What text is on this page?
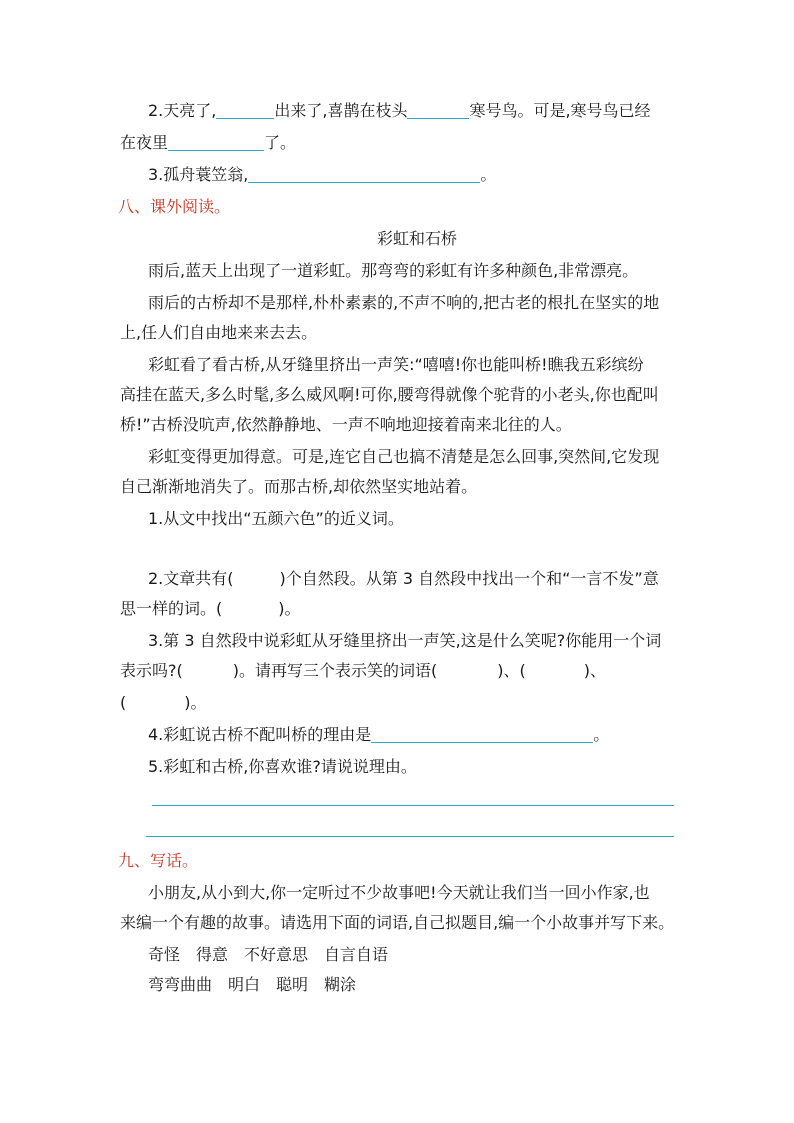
2.天亮了,	出来了,喜鹊在枝头	寒号鸟。可是,寒号鸟已经
在夜里	了。
3.孤舟蓑笠翁,	。
八、课外阅读。
彩虹和石桥
雨后,蓝天上出现了一道彩虹。那弯弯的彩虹有许多种颜色,非常漂亮。
雨后的古桥却不是那样,朴朴素素的,不声不响的,把古老的根扎在坚实的地
上,任人们自由地来来去去。
彩虹看了看古桥,从牙缝里挤出一声笑:“嘻嘻!你也能叫桥!瞧我五彩缤纷
高挂在蓝天,多么时髦,多么威风啊!可你,腰弯得就像个驼背的小老头,你也配叫
桥!”古桥没吭声,依然静静地、一声不响地迎接着南来北往的人。
彩虹变得更加得意。可是,连它自己也搞不清楚是怎么回事,突然间,它发现
自己渐渐地消失了。而那古桥,却依然坚实地站着。
1.从文中找出“五颜六色”的近义词。
2.文章共有(	)个自然段。从第 3 自然段中找出一个和“一言不发”意
思一样的词。(	)。
3.第 3 自然段中说彩虹从牙缝里挤出一声笑,这是什么笑呢?你能用一个词
表示吗?(	)。请再写三个表示笑的词语(	)、(	)、
(	)。
4.彩虹说古桥不配叫桥的理由是	。
5.彩虹和古桥,你喜欢谁?请说说理由。
九、写话。
小朋友,从小到大,你一定听过不少故事吧!今天就让我们当一回小作家,也
来编一个有趣的故事。请选用下面的词语,自己拟题目,编一个小故事并写下来。
奇怪　得意　不好意思　自言自语
弯弯曲曲　明白　聪明　糊涂
